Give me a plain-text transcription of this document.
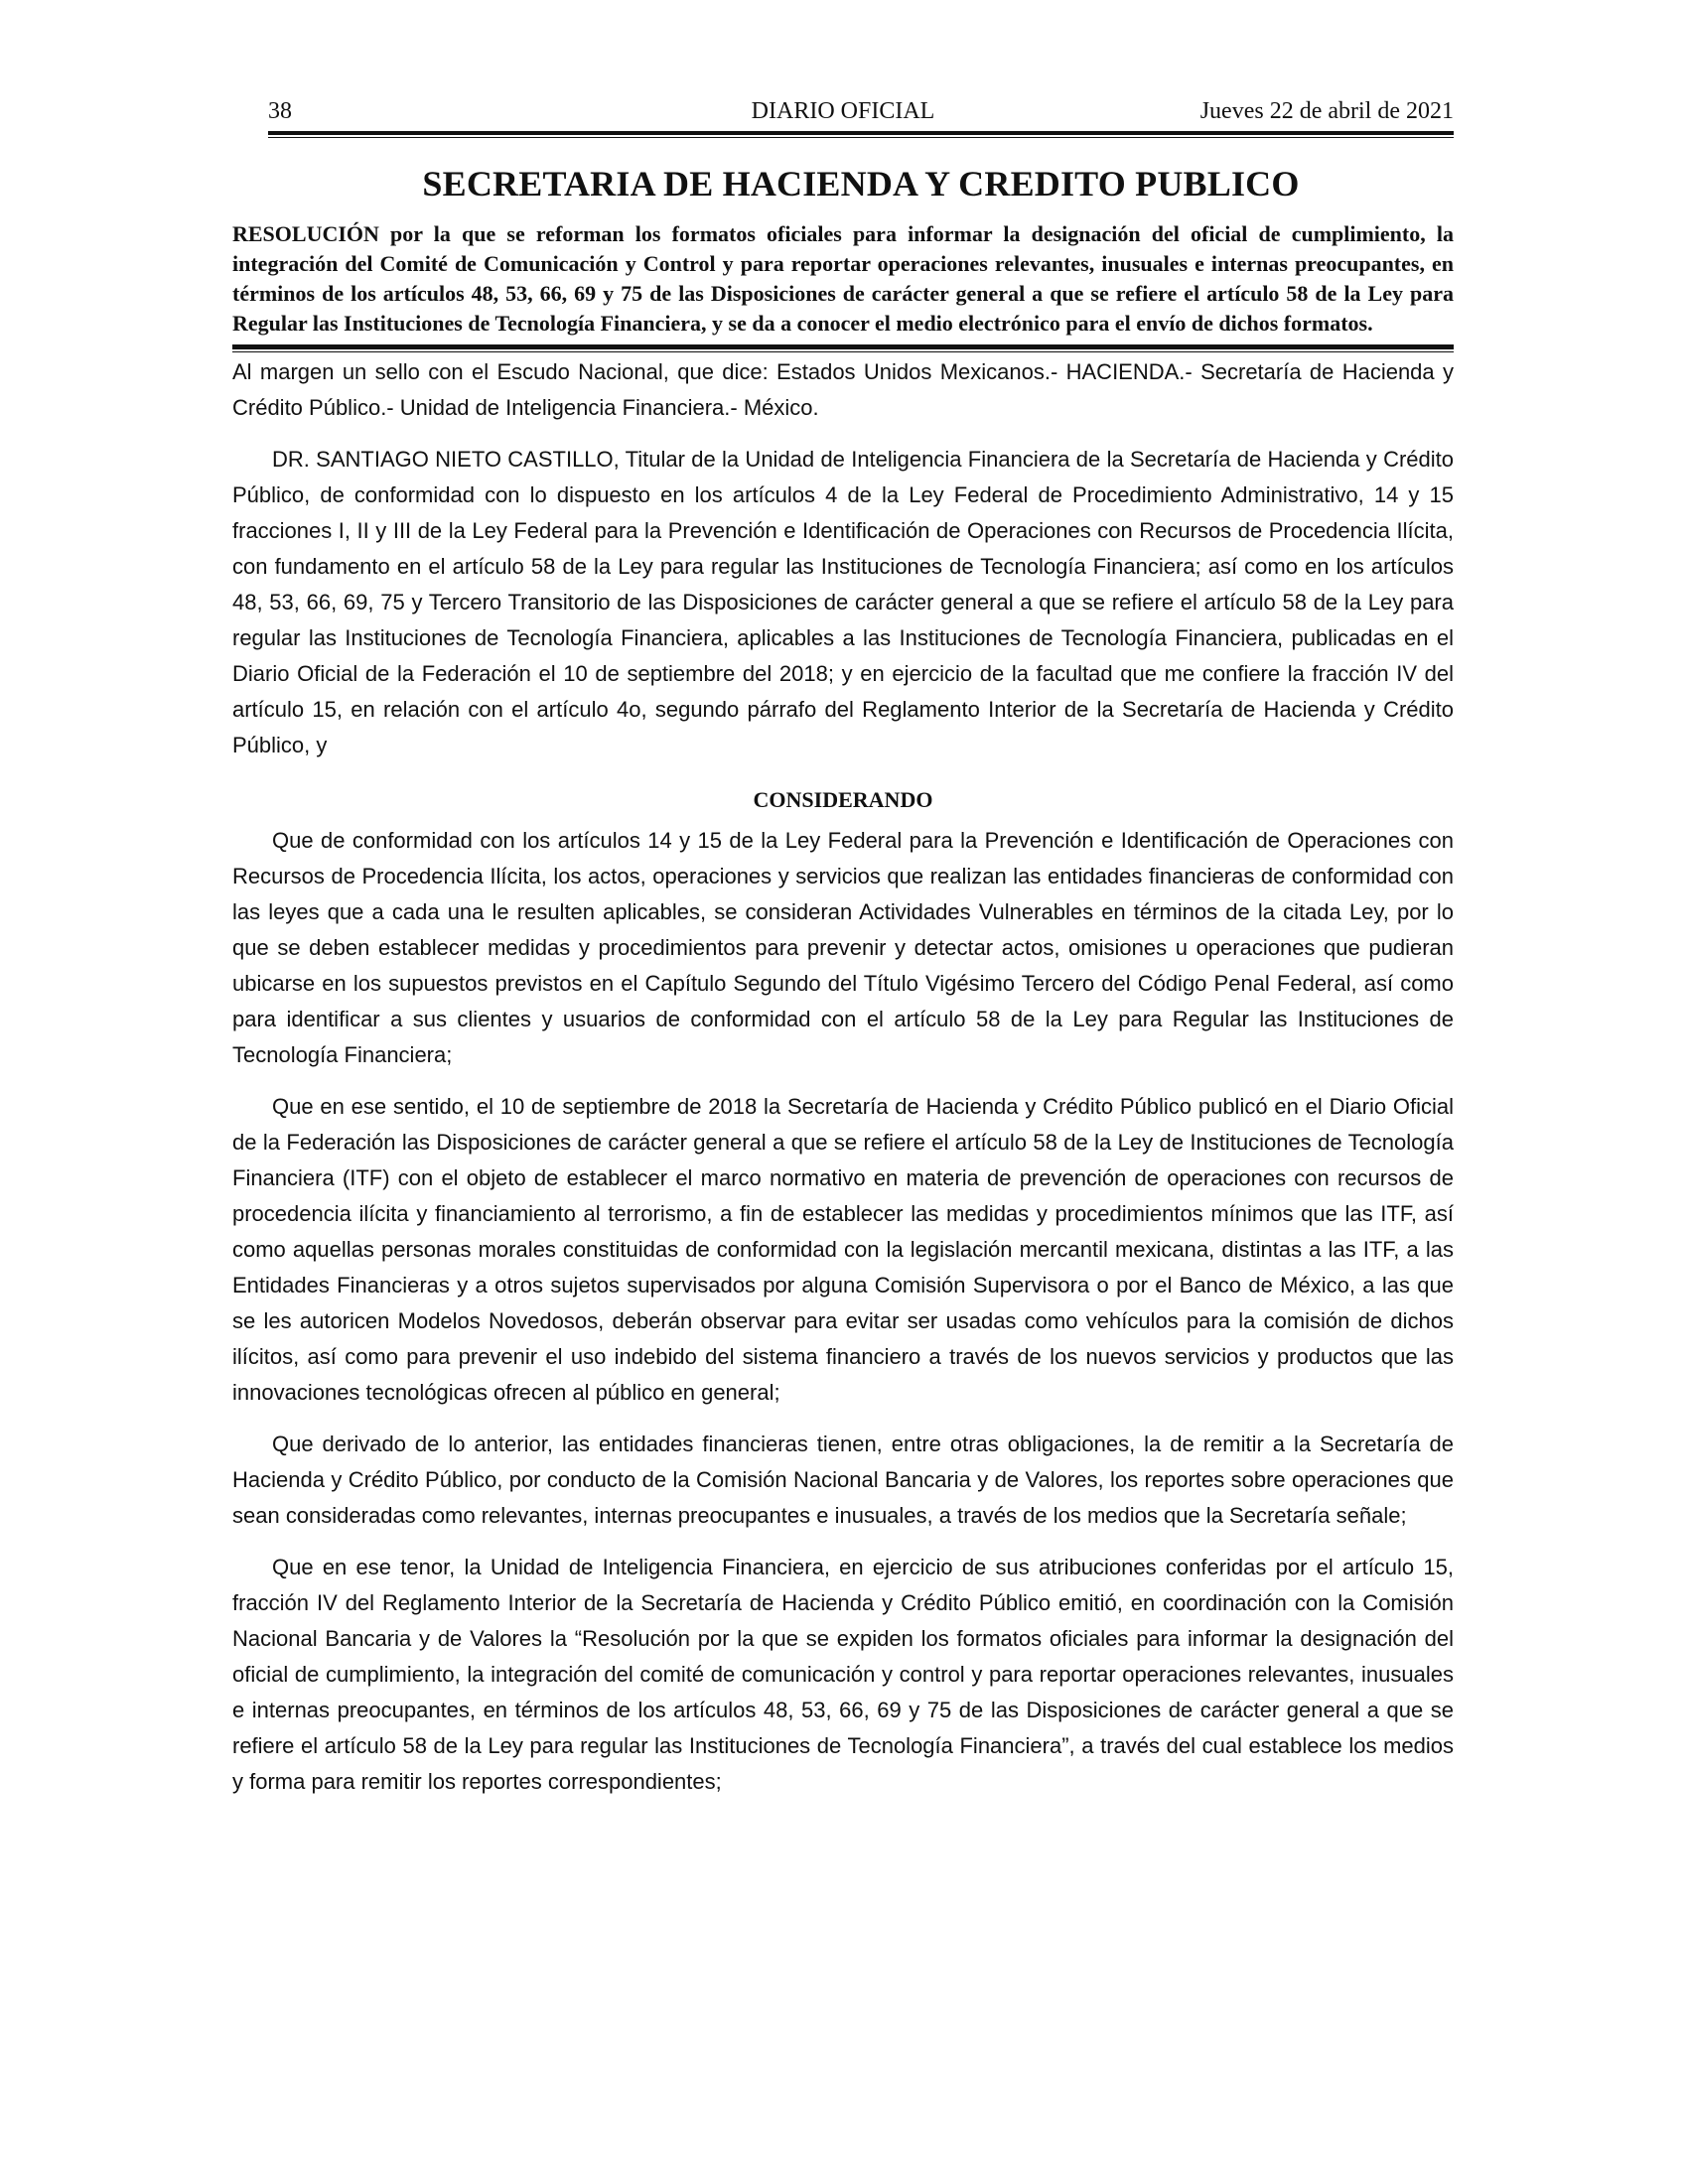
38	DIARIO OFICIAL	Jueves 22 de abril de 2021
SECRETARIA DE HACIENDA Y CREDITO PUBLICO

RESOLUCIÓN por la que se reforman los formatos oficiales para informar la designación del oficial de cumplimiento, la integración del Comité de Comunicación y Control y para reportar operaciones relevantes, inusuales e internas preocupantes, en términos de los artículos 48, 53, 66, 69 y 75 de las Disposiciones de carácter general a que se refiere el artículo 58 de la Ley para Regular las Instituciones de Tecnología Financiera, y se da a conocer el medio electrónico para el envío de dichos formatos.

Al margen un sello con el Escudo Nacional, que dice: Estados Unidos Mexicanos.- HACIENDA.- Secretaría de Hacienda y Crédito Público.- Unidad de Inteligencia Financiera.- México.

DR. SANTIAGO NIETO CASTILLO, Titular de la Unidad de Inteligencia Financiera de la Secretaría de Hacienda y Crédito Público, de conformidad con lo dispuesto en los artículos 4 de la Ley Federal de Procedimiento Administrativo, 14 y 15 fracciones I, II y III de la Ley Federal para la Prevención e Identificación de Operaciones con Recursos de Procedencia Ilícita, con fundamento en el artículo 58 de la Ley para regular las Instituciones de Tecnología Financiera; así como en los artículos 48, 53, 66, 69, 75 y Tercero Transitorio de las Disposiciones de carácter general a que se refiere el artículo 58 de la Ley para regular las Instituciones de Tecnología Financiera, aplicables a las Instituciones de Tecnología Financiera, publicadas en el Diario Oficial de la Federación el 10 de septiembre del 2018; y en ejercicio de la facultad que me confiere la fracción IV del artículo 15, en relación con el artículo 4o, segundo párrafo del Reglamento Interior de la Secretaría de Hacienda y Crédito Público, y

CONSIDERANDO

Que de conformidad con los artículos 14 y 15 de la Ley Federal para la Prevención e Identificación de Operaciones con Recursos de Procedencia Ilícita, los actos, operaciones y servicios que realizan las entidades financieras de conformidad con las leyes que a cada una le resulten aplicables, se consideran Actividades Vulnerables en términos de la citada Ley, por lo que se deben establecer medidas y procedimientos para prevenir y detectar actos, omisiones u operaciones que pudieran ubicarse en los supuestos previstos en el Capítulo Segundo del Título Vigésimo Tercero del Código Penal Federal, así como para identificar a sus clientes y usuarios de conformidad con el artículo 58 de la Ley para Regular las Instituciones de Tecnología Financiera;

Que en ese sentido, el 10 de septiembre de 2018 la Secretaría de Hacienda y Crédito Público publicó en el Diario Oficial de la Federación las Disposiciones de carácter general a que se refiere el artículo 58 de la Ley de Instituciones de Tecnología Financiera (ITF) con el objeto de establecer el marco normativo en materia de prevención de operaciones con recursos de procedencia ilícita y financiamiento al terrorismo, a fin de establecer las medidas y procedimientos mínimos que las ITF, así como aquellas personas morales constituidas de conformidad con la legislación mercantil mexicana, distintas a las ITF, a las Entidades Financieras y a otros sujetos supervisados por alguna Comisión Supervisora o por el Banco de México, a las que se les autoricen Modelos Novedosos, deberán observar para evitar ser usadas como vehículos para la comisión de dichos ilícitos, así como para prevenir el uso indebido del sistema financiero a través de los nuevos servicios y productos que las innovaciones tecnológicas ofrecen al público en general;

Que derivado de lo anterior, las entidades financieras tienen, entre otras obligaciones, la de remitir a la Secretaría de Hacienda y Crédito Público, por conducto de la Comisión Nacional Bancaria y de Valores, los reportes sobre operaciones que sean consideradas como relevantes, internas preocupantes e inusuales, a través de los medios que la Secretaría señale;

Que en ese tenor, la Unidad de Inteligencia Financiera, en ejercicio de sus atribuciones conferidas por el artículo 15, fracción IV del Reglamento Interior de la Secretaría de Hacienda y Crédito Público emitió, en coordinación con la Comisión Nacional Bancaria y de Valores la “Resolución por la que se expiden los formatos oficiales para informar la designación del oficial de cumplimiento, la integración del comité de comunicación y control y para reportar operaciones relevantes, inusuales e internas preocupantes, en términos de los artículos 48, 53, 66, 69 y 75 de las Disposiciones de carácter general a que se refiere el artículo 58 de la Ley para regular las Instituciones de Tecnología Financiera”, a través del cual establece los medios y forma para remitir los reportes correspondientes;
